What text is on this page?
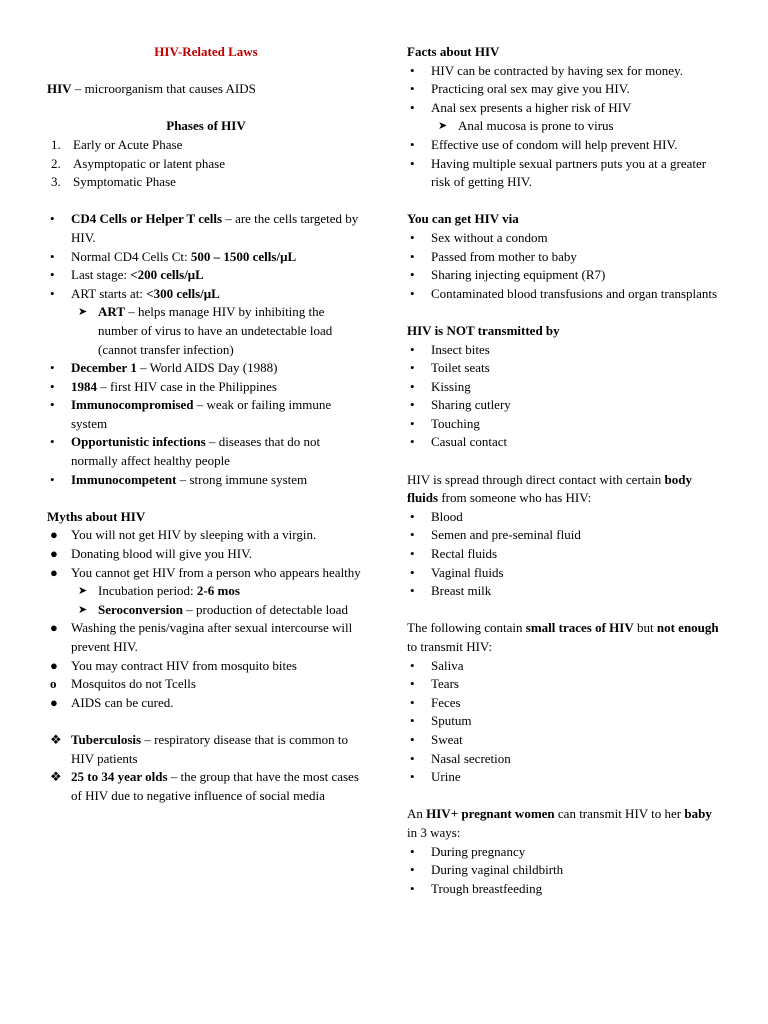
HIV-Related Laws
HIV – microorganism that causes AIDS
Phases of HIV
1. Early or Acute Phase
2. Asymptopatic or latent phase
3. Symptomatic Phase
•	CD4 Cells or Helper T cells – are the cells targeted by HIV.
•	Normal CD4 Cells Ct: 500 – 1500 cells/μL
•	Last stage: <200 cells/μL
•	ART starts at: <300 cells/μL
➤ ART – helps manage HIV by inhibiting the number of virus to have an undetectable load (cannot transfer infection)
•	December 1 – World AIDS Day (1988)
•	1984 – first HIV case in the Philippines
•	Immunocompromised – weak or failing immune system
•	Opportunistic infections – diseases that do not normally affect healthy people
•	Immunocompetent – strong immune system
Myths about HIV
●	You will not get HIV by sleeping with a virgin.
●	Donating blood will give you HIV.
●	You cannot get HIV from a person who appears healthy
➤ Incubation period: 2-6 mos
➤ Seroconversion – production of detectable load
●	Washing the penis/vagina after sexual intercourse will prevent HIV.
●	You may contract HIV from mosquito bites
o	Mosquitos do not Tcells
●	AIDS can be cured.
❖ Tuberculosis – respiratory disease that is common to HIV patients
❖ 25 to 34 year olds – the group that have the most cases of HIV due to negative influence of social media
Facts about HIV
•	HIV can be contracted by having sex for money.
•	Practicing oral sex may give you HIV.
•	Anal sex presents a higher risk of HIV
➤ Anal mucosa is prone to virus
•	Effective use of condom will help prevent HIV.
•	Having multiple sexual partners puts you at a greater risk of getting HIV.
You can get HIV via
•	Sex without a condom
•	Passed from mother to baby
•	Sharing injecting equipment (R7)
•	Contaminated blood transfusions and organ transplants
HIV is NOT transmitted by
•	Insect bites
•	Toilet seats
•	Kissing
•	Sharing cutlery
•	Touching
•	Casual contact
HIV is spread through direct contact with certain body fluids from someone who has HIV:
•	Blood
•	Semen and pre-seminal fluid
•	Rectal fluids
•	Vaginal fluids
•	Breast milk
The following contain small traces of HIV but not enough to transmit HIV:
•	Saliva
•	Tears
•	Feces
•	Sputum
•	Sweat
•	Nasal secretion
•	Urine
An HIV+ pregnant women can transmit HIV to her baby in 3 ways:
•	During pregnancy
•	During vaginal childbirth
•	Trough breastfeeding
